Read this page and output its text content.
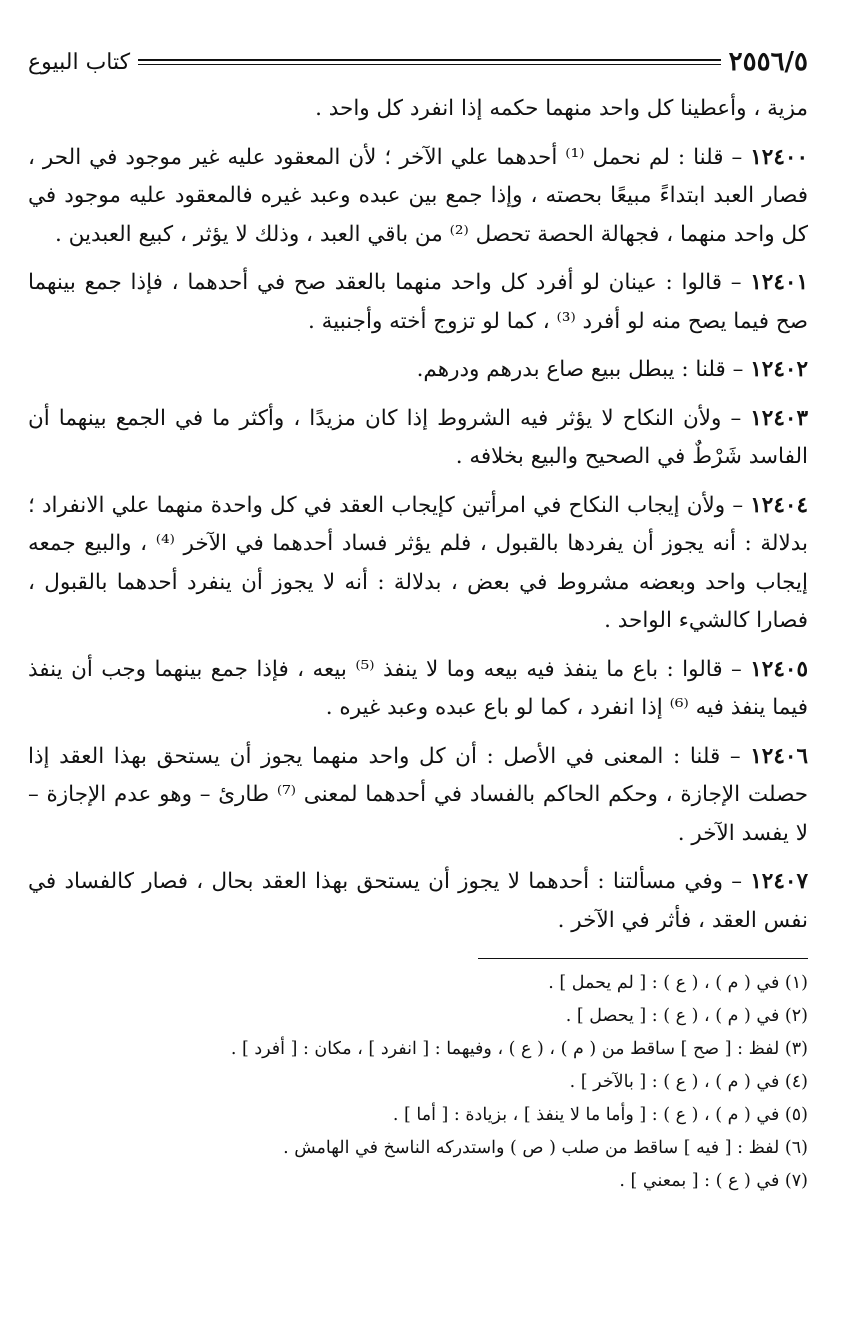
٢٥٥٦/٥
كتاب البيوع

مزية ، وأعطينا كل واحد منهما حكمه إذا انفرد كل واحد .

١٢٤٠٠ – قلنا : لم نحمل ⁽¹⁾ أحدهما علي الآخر ؛ لأن المعقود عليه غير موجود في الحر ، فصار العبد ابتداءً مبيعًا بحصته ، وإذا جمع بين عبده وعبد غيره فالمعقود عليه موجود في كل واحد منهما ، فجهالة الحصة تحصل ⁽²⁾ من باقي العبد ، وذلك لا يؤثر ، كبيع العبدين .

١٢٤٠١ – قالوا : عينان لو أفرد كل واحد منهما بالعقد صح في أحدهما ، فإذا جمع بينهما صح فيما يصح منه لو أفرد ⁽³⁾ ، كما لو تزوج أخته وأجنبية .

١٢٤٠٢ – قلنا : يبطل ببيع صاع بدرهم ودرهم.

١٢٤٠٣ – ولأن النكاح لا يؤثر فيه الشروط إذا كان مزيدًا ، وأكثر ما في الجمع بينهما أن الفاسد شَرْطٌ في الصحيح والبيع بخلافه .

١٢٤٠٤ – ولأن إيجاب النكاح في امرأتين كإيجاب العقد في كل واحدة منهما علي الانفراد ؛ بدلالة : أنه يجوز أن يفردها بالقبول ، فلم يؤثر فساد أحدهما في الآخر ⁽⁴⁾ ، والبيع جمعه إيجاب واحد وبعضه مشروط في بعض ، بدلالة : أنه لا يجوز أن ينفرد أحدهما بالقبول ، فصارا كالشيء الواحد .

١٢٤٠٥ – قالوا : باع ما ينفذ فيه بيعه وما لا ينفذ ⁽⁵⁾ بيعه ، فإذا جمع بينهما وجب أن ينفذ فيما ينفذ فيه ⁽⁶⁾ إذا انفرد ، كما لو باع عبده وعبد غيره .

١٢٤٠٦ – قلنا : المعنى في الأصل : أن كل واحد منهما يجوز أن يستحق بهذا العقد إذا حصلت الإجازة ، وحكم الحاكم بالفساد في أحدهما لمعنى ⁽⁷⁾ طارئ – وهو عدم الإجازة – لا يفسد الآخر .

١٢٤٠٧ – وفي مسألتنا : أحدهما لا يجوز أن يستحق بهذا العقد بحال ، فصار كالفساد في نفس العقد ، فأثر في الآخر .

(١) في ( م ) ، ( ع ) : [ لم يحمل ] .

(٢) في ( م ) ، ( ع ) : [ يحصل ] .

(٣) لفظ : [ صح ] ساقط من ( م ) ، ( ع ) ، وفيهما : [ انفرد ] ، مكان : [ أفرد ] .

(٤) في ( م ) ، ( ع ) : [ بالآخر ] .

(٥) في ( م ) ، ( ع ) : [ وأما ما لا ينفذ ] ، بزيادة : [ أما ] .

(٦) لفظ : [ فيه ] ساقط من صلب ( ص ) واستدركه الناسخ في الهامش .

(٧) في ( ع ) : [ بمعني ] .
